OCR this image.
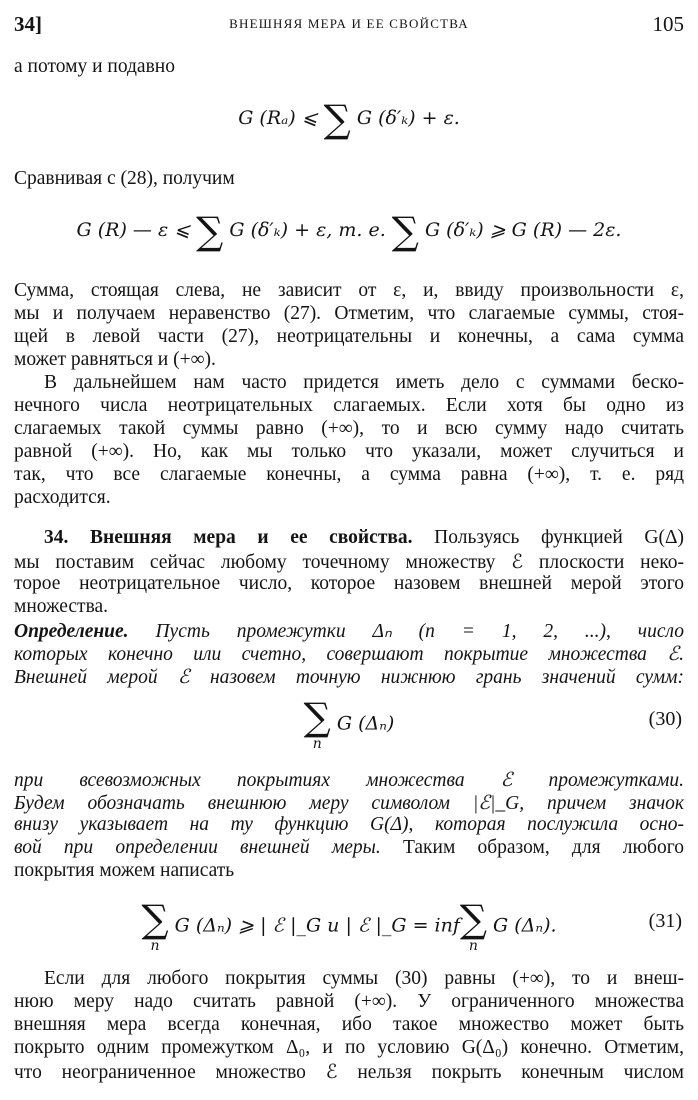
34]	ВНЕШНЯЯ МЕРА И ЕЕ СВОЙСТВА	105
а потому и подавно
G (Rₐ) ⩽ ∑ G (δ′ₖ) + ε.
Сравнивая с (28), получим
G (R) — ε ⩽ ∑ G (δ′ₖ) + ε, т. е. ∑ G (δ′ₖ) ⩾ G (R) — 2ε.
Сумма, стоящая слева, не зависит от ε, и, ввиду произвольности ε,
мы и получаем неравенство (27). Отметим, что слагаемые суммы, стоя-
щей в левой части (27), неотрицательны и конечны, а сама сумма
может равняться и (+∞).
В дальнейшем нам часто придется иметь дело с суммами беско-
нечного числа неотрицательных слагаемых. Если хотя бы одно из
слагаемых такой суммы равно (+∞), то и всю сумму надо считать
равной (+∞). Но, как мы только что указали, может случиться и
так, что все слагаемые конечны, а сумма равна (+∞), т. е. ряд
расходится.
34. Внешняя мера и ее свойства. Пользуясь функцией G(Δ)
мы поставим сейчас любому точечному множеству ℰ плоскости неко-
торое неотрицательное число, которое назовем внешней мерой этого
множества.
Определение. Пусть промежутки Δₙ (n = 1, 2, ...), число
которых конечно или счетно, совершают покрытие множества ℰ.
Внешней мерой ℰ назовем точную нижнюю грань значений сумм:
∑
n
G (Δₙ)	(30)
при всевозможных покрытиях множества ℰ промежутками.
Будем обозначать внешнюю меру символом |ℰ|_G, причем значок
внизу указывает на ту функцию G(Δ), которая послужила осно-
вой при определении внешней меры. Таким образом, для любого
покрытия можем написать
∑
n
G (Δₙ) ⩾ | ℰ |_G и | ℰ |_G = inf ∑
n
G (Δₙ).	(31)
Если для любого покрытия суммы (30) равны (+∞), то и внеш-
нюю меру надо считать равной (+∞). У ограниченного множества
внешняя мера всегда конечная, ибо такое множество может быть
покрыто одним промежутком Δ₀, и по условию G(Δ₀) конечно. Отметим,
что неограниченное множество ℰ нельзя покрыть конечным числом
